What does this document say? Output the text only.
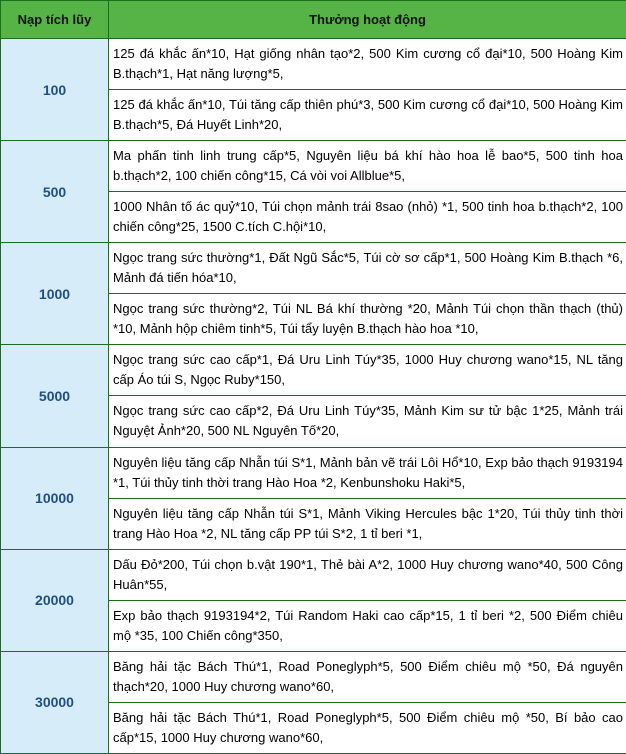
Nạp tích lũy	Thưởng hoạt động
100	125 đá khắc ấn*10, Hạt giống nhân tạo*2, 500 Kim cương cổ đại*10, 500 Hoàng Kim B.thạch*1, Hạt năng lượng*5,
	125 đá khắc ấn*10, Túi tăng cấp thiên phú*3, 500 Kim cương cổ đại*10, 500 Hoàng Kim B.thạch*5, Đá Huyết Linh*20,
500	Ma phấn tinh linh trung cấp*5, Nguyên liệu bá khí hào hoa lễ bao*5, 500 tinh hoa b.thạch*2, 100 chiến công*15, Cá vòi voi Allblue*5,
	1000 Nhân tố ác quỷ*10, Túi chọn mảnh trái 8sao (nhỏ) *1, 500 tinh hoa b.thạch*2, 100 chiến công*25, 1500 C.tích C.hội*10,
1000	Ngọc trang sức thường*1, Đất Ngũ Sắc*5, Túi cờ sơ cấp*1, 500 Hoàng Kim B.thạch *6, Mảnh đá tiến hóa*10,
	Ngọc trang sức thường*2, Túi NL Bá khí thường *20, Mảnh Túi chọn thần thạch (thủ) *10, Mảnh hộp chiêm tinh*5, Túi tẩy luyện B.thạch hào hoa *10,
5000	Ngọc trang sức cao cấp*1, Đá Uru Linh Túy*35, 1000 Huy chương wano*15, NL tăng cấp Áo túi S, Ngọc Ruby*150,
	Ngọc trang sức cao cấp*2, Đá Uru Linh Túy*35, Mảnh Kim sư tử bậc 1*25, Mảnh trái Nguyệt Ảnh*20, 500 NL Nguyên Tố*20,
10000	Nguyên liệu tăng cấp Nhẫn túi S*1, Mảnh bản vẽ trái Lôi Hổ*10, Exp bảo thạch 9193194 *1, Túi thủy tinh thời trang Hào Hoa *2, Kenbunshoku Haki*5,
	Nguyên liệu tăng cấp Nhẫn túi S*1, Mảnh Viking Hercules bậc 1*20, Túi thủy tinh thời trang Hào Hoa *2, NL tăng cấp PP túi S*2, 1 tỉ beri *1,
20000	Dấu Đỏ*200, Túi chọn b.vật 190*1, Thẻ bài A*2, 1000 Huy chương wano*40, 500 Công Huân*55,
	Exp bảo thạch 9193194*2, Túi Random Haki cao cấp*15, 1 tỉ beri *2, 500 Điểm chiêu mộ *35, 100 Chiến công*350,
30000	Băng hải tặc Bách Thú*1, Road Poneglyph*5, 500 Điểm chiêu mộ *50, Đá nguyên thạch*20, 1000 Huy chương wano*60,
	Băng hải tặc Bách Thú*1, Road Poneglyph*5, 500 Điểm chiêu mộ *50, Bí bảo cao cấp*15, 1000 Huy chương wano*60,
